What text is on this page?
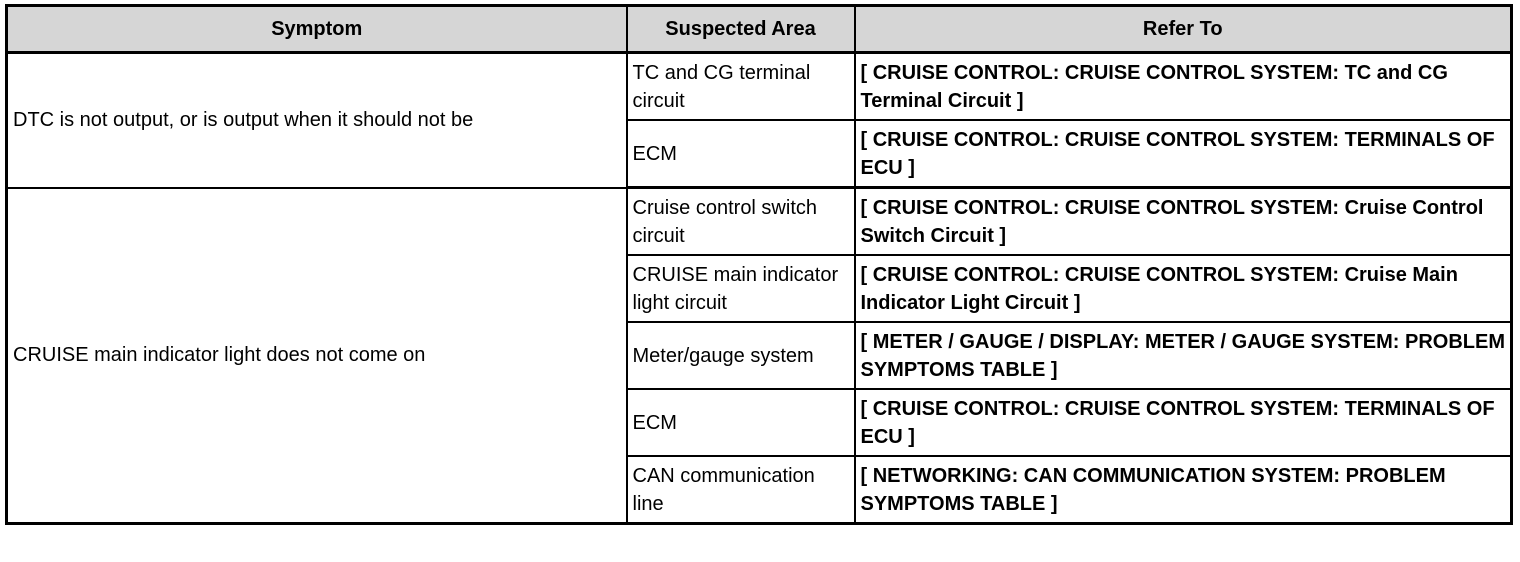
Symptom	Suspected Area	Refer To
DTC is not output, or is output when it should not be	TC and CG terminal circuit	[ CRUISE CONTROL: CRUISE CONTROL SYSTEM: TC and CG Terminal Circuit ]
	ECM	[ CRUISE CONTROL: CRUISE CONTROL SYSTEM: TERMINALS OF ECU ]
CRUISE main indicator light does not come on	Cruise control switch circuit	[ CRUISE CONTROL: CRUISE CONTROL SYSTEM: Cruise Control Switch Circuit ]
	CRUISE main indicator light circuit	[ CRUISE CONTROL: CRUISE CONTROL SYSTEM: Cruise Main Indicator Light Circuit ]
	Meter/gauge system	[ METER / GAUGE / DISPLAY: METER / GAUGE SYSTEM: PROBLEM SYMPTOMS TABLE ]
	ECM	[ CRUISE CONTROL: CRUISE CONTROL SYSTEM: TERMINALS OF ECU ]
	CAN communication line	[ NETWORKING: CAN COMMUNICATION SYSTEM: PROBLEM SYMPTOMS TABLE ]
